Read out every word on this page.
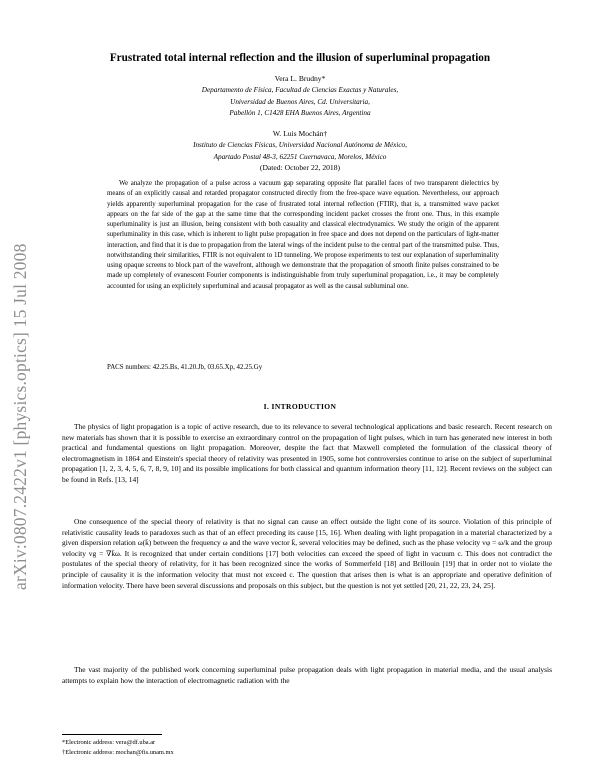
arXiv:0807.2422v1 [physics.optics] 15 Jul 2008
Frustrated total internal reflection and the illusion of superluminal propagation
Vera L. Brudny*
Departamento de Física, Facultad de Ciencias Exactas y Naturales,
Universidad de Buenos Aires, Cd. Universitaria,
Pabellón 1, C1428 EHA Buenos Aires, Argentina
W. Luis Mochán†
Instituto de Ciencias Físicas, Universidad Nacional Autónoma de México,
Apartado Postal 48-3, 62251 Cuernavaca, Morelos, México
(Dated: October 22, 2018)
We analyze the propagation of a pulse across a vacuum gap separating opposite flat parallel faces of two transparent dielectrics by means of an explicitly causal and retarded propagator constructed directly from the free-space wave equation. Nevertheless, our approach yields apparently superluminal propagation for the case of frustrated total internal reflection (FTIR), that is, a transmitted wave packet appears on the far side of the gap at the same time that the corresponding incident packet crosses the front one. Thus, in this example superluminality is just an illusion, being consistent with both casuality and classical electrodynamics. We study the origin of the apparent superluminality in this case, which is inherent to light pulse propagation in free space and does not depend on the particulars of light-matter interaction, and find that it is due to propagation from the lateral wings of the incident pulse to the central part of the transmitted pulse. Thus, notwithstanding their similarities, FTIR is not equivalent to 1D tunneling. We propose experiments to test our explanation of superluminality using opaque screens to block part of the wavefront, although we demonstrate that the propagation of smooth finite pulses constrained to be made up completely of evanescent Fourier components is indistinguishable from truly superluminal propagation, i.e., it may be completely accounted for using an explicitely superluminal and acausal propagator as well as the causal subluminal one.
PACS numbers: 42.25.Bs, 41.20.Jb, 03.65.Xp, 42.25.Gy
I. INTRODUCTION
The physics of light propagation is a topic of active research, due to its relevance to several technological applications and basic research. Recent research on new materials has shown that it is possible to exercise an extraordinary control on the propagation of light pulses, which in turn has generated new interest in both practical and fundamental questions on light propagation. Moreover, despite the fact that Maxwell completed the formulation of the classical theory of electromagnetism in 1864 and Einstein's special theory of relativity was presented in 1905, some hot controversies continue to arise on the subject of superluminal propagation [1, 2, 3, 4, 5, 6, 7, 8, 9, 10] and its possible implications for both classical and quantum information theory [11, 12]. Recent reviews on the subject can be found in Refs. [13, 14]
One consequence of the special theory of relativity is that no signal can cause an effect outside the light cone of its source. Violation of this principle of relativistic causality leads to paradoxes such as that of an effect preceding its cause [15, 16]. When dealing with light propagation in a material characterized by a given dispersion relation ω(k̄) between the frequency ω and the wave vector k̄, several velocities may be defined, such as the phase velocity vφ = ω/k and the group velocity vg = ∇k̄ω. It is recognized that under certain conditions [17] both velocities can exceed the speed of light in vacuum c. This does not contradict the postulates of the special theory of relativity, for it has been recognized since the works of Sommerfeld [18] and Brillouin [19] that in order not to violate the principle of causality it is the information velocity that must not exceed c. The question that arises then is what is an appropriate and operative definition of information velocity. There have been several discussions and proposals on this subject, but the question is not yet settled [20, 21, 22, 23, 24, 25].
The vast majority of the published work concerning superluminal pulse propagation deals with light propagation in material media, and the usual analysis attempts to explain how the interaction of electromagnetic radiation with the
*Electronic address: vera@df.uba.ar
†Electronic address: mochan@fis.unam.mx
